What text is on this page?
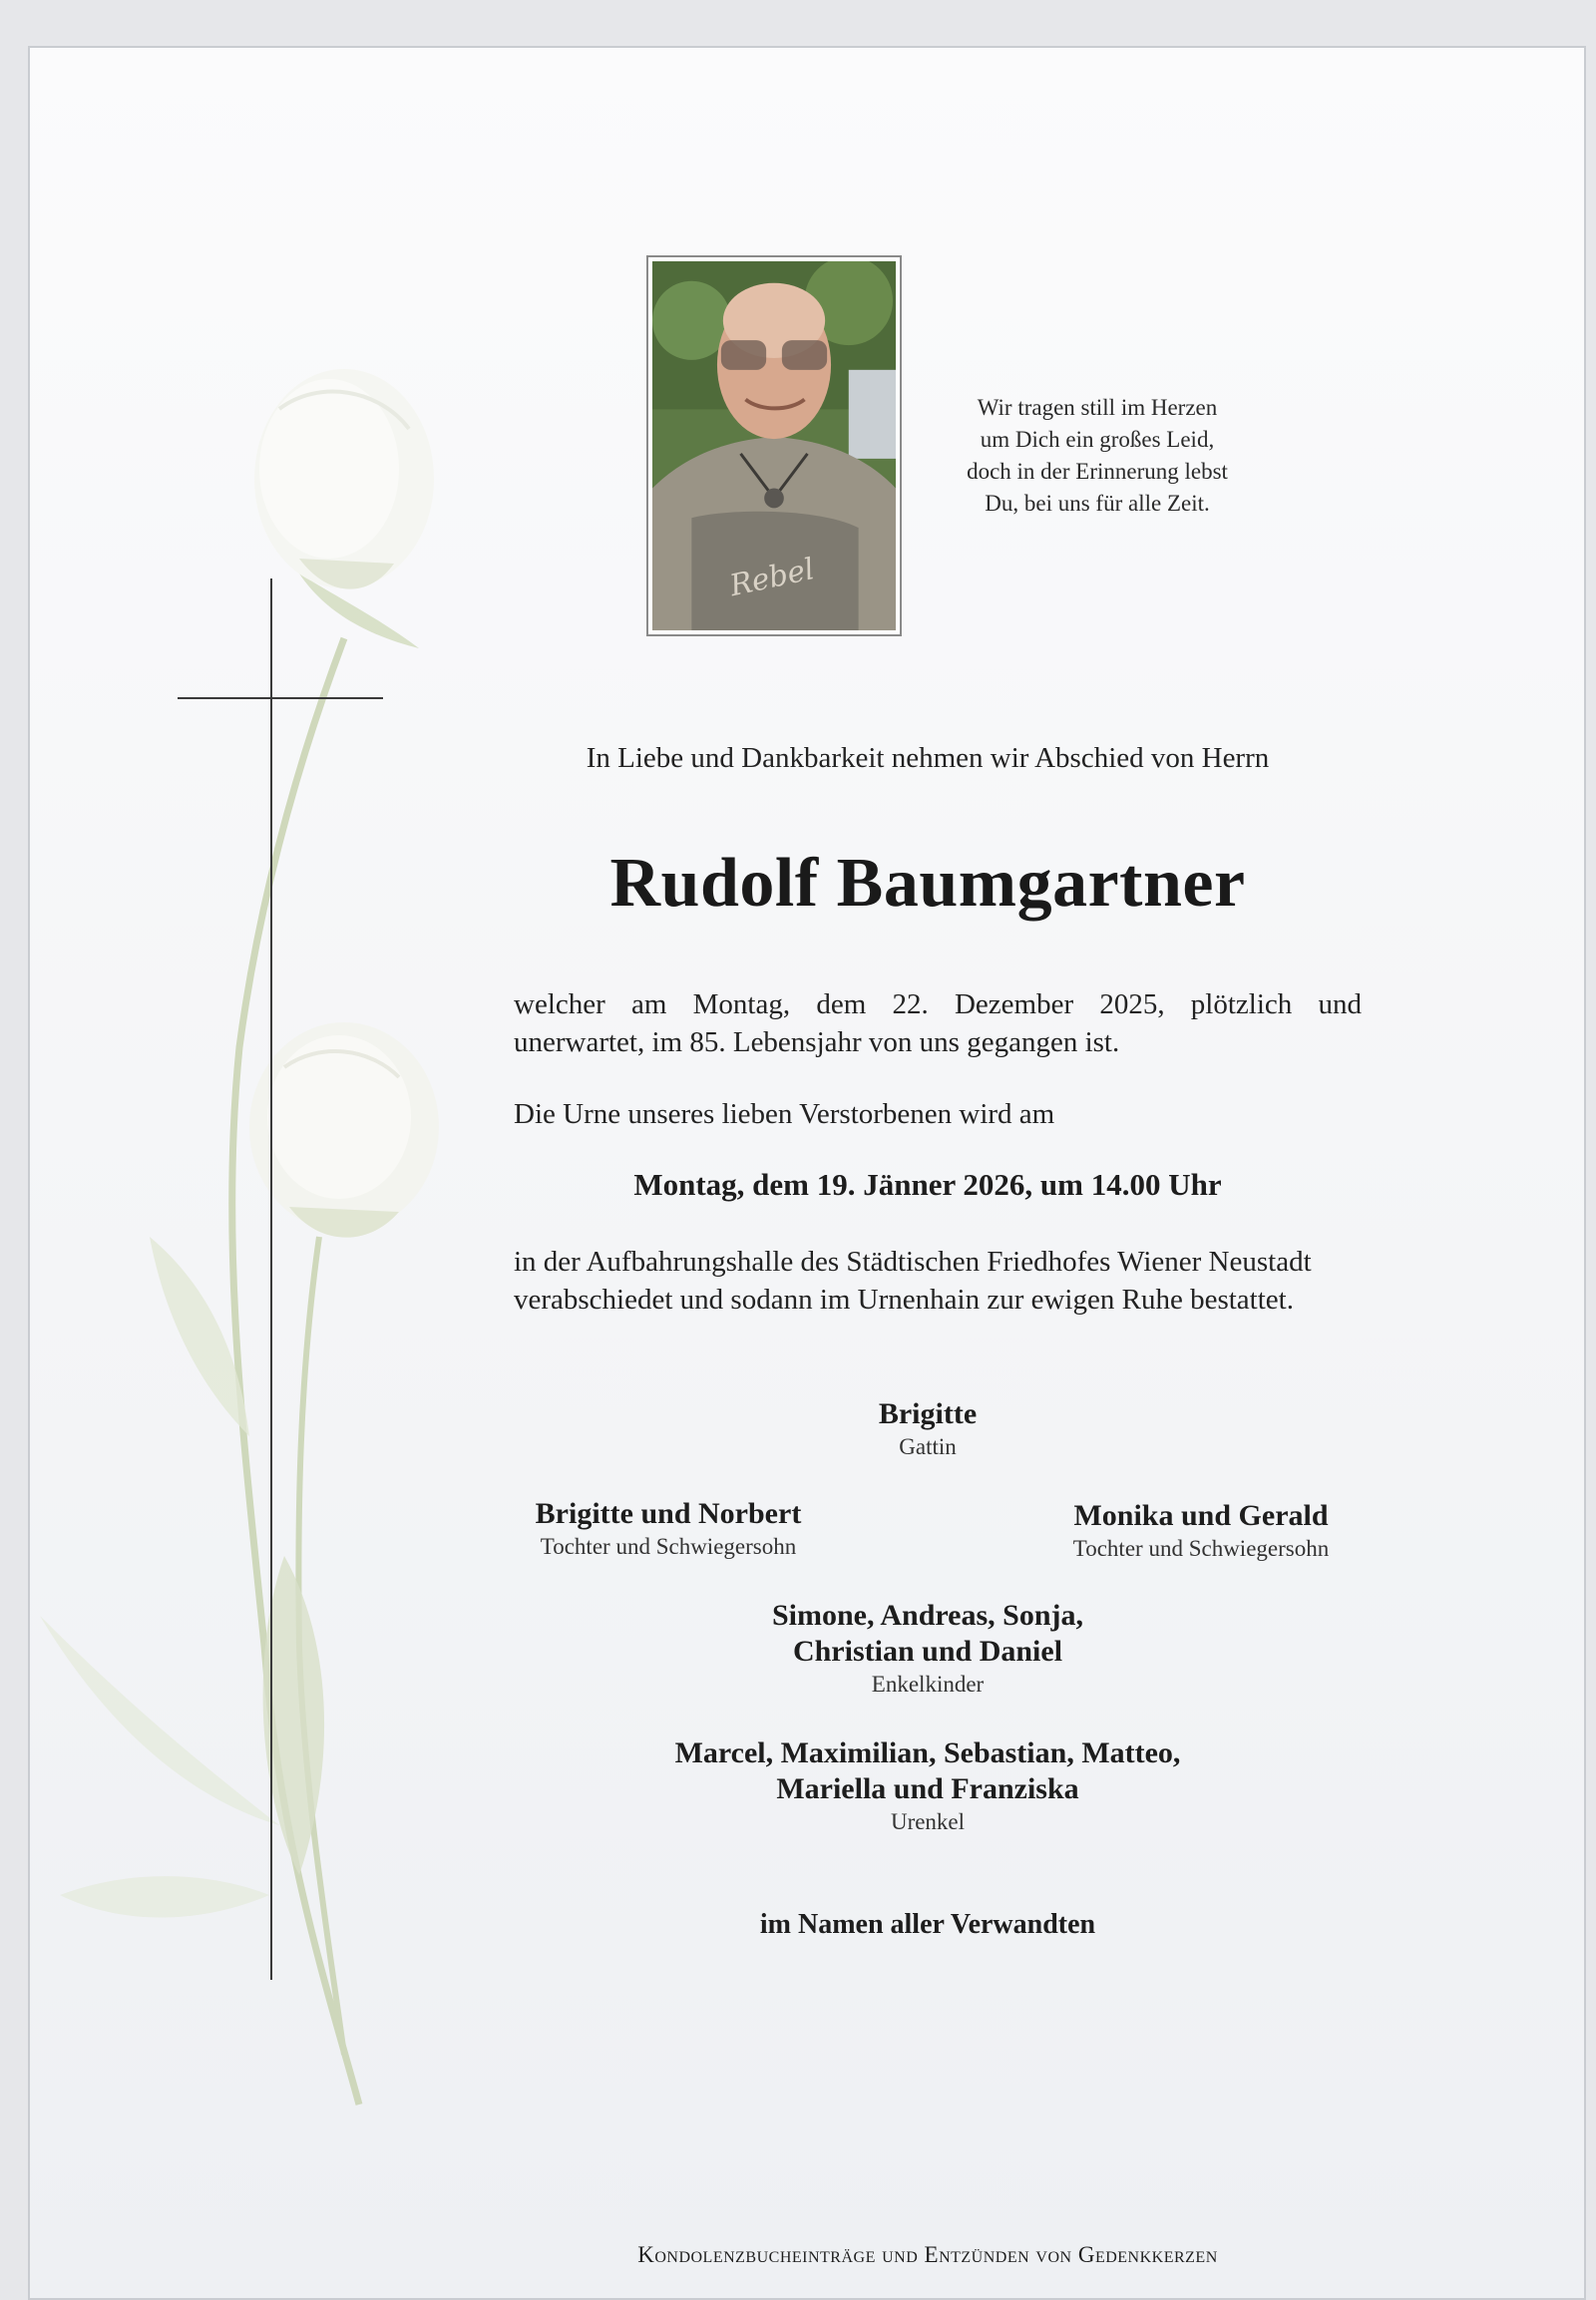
Rebel
Wir tragen still im Herzen
um Dich ein großes Leid,
doch in der Erinnerung lebst
Du, bei uns für alle Zeit.
In Liebe und Dankbarkeit nehmen wir Abschied von Herrn
Rudolf Baumgartner
welcher am Montag, dem 22. Dezember 2025, plötzlich und
unerwartet, im 85. Lebensjahr von uns gegangen ist.
Die Urne unseres lieben Verstorbenen wird am
Montag, dem 19. Jänner 2026, um 14.00 Uhr
in der Aufbahrungshalle des Städtischen Friedhofes Wiener Neustadt
verabschiedet und sodann im Urnenhain zur ewigen Ruhe bestattet.
Brigitte
Gattin
Brigitte und Norbert
Tochter und Schwiegersohn
Monika und Gerald
Tochter und Schwiegersohn
Simone, Andreas, Sonja,
Christian und Daniel
Enkelkinder
Marcel, Maximilian, Sebastian, Matteo,
Mariella und Franziska
Urenkel
im Namen aller Verwandten
Kondolenzbucheinträge und Entzünden von Gedenkkerzen
